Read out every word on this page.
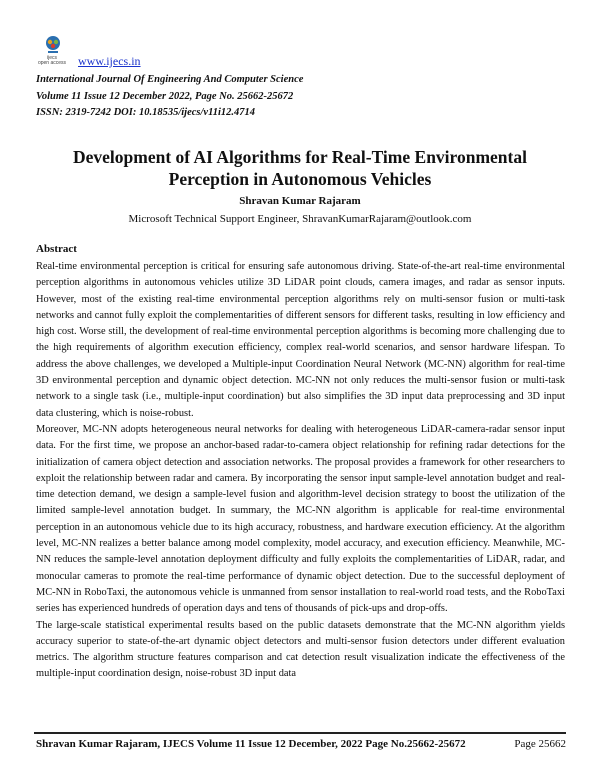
ijecs
open access www.ijecs.in
International Journal Of Engineering And Computer Science
Volume 11 Issue 12 December 2022, Page No. 25662-25672
ISSN: 2319-7242 DOI: 10.18535/ijecs/v11i12.4714
Development of AI Algorithms for Real-Time Environmental
Perception in Autonomous Vehicles
Shravan Kumar Rajaram
Microsoft Technical Support Engineer, ShravanKumarRajaram@outlook.com
Abstract

Real-time environmental perception is critical for ensuring safe autonomous driving. State-of-the-art real-time environmental perception algorithms in autonomous vehicles utilize 3D LiDAR point clouds, camera images, and radar as sensor inputs. However, most of the existing real-time environmental perception algorithms rely on multi-sensor fusion or multi-task networks and cannot fully exploit the complementarities of different sensors for different tasks, resulting in low efficiency and high cost. Worse still, the development of real-time environmental perception algorithms is becoming more challenging due to the high requirements of algorithm execution efficiency, complex real-world scenarios, and sensor hardware lifespan. To address the above challenges, we developed a Multiple-input Coordination Neural Network (MC-NN) algorithm for real-time 3D environmental perception and dynamic object detection. MC-NN not only reduces the multi-sensor fusion or multi-task network to a single task (i.e., multiple-input coordination) but also simplifies the 3D input data preprocessing and 3D input data clustering, which is noise-robust.

Moreover, MC-NN adopts heterogeneous neural networks for dealing with heterogeneous LiDAR-camera-radar sensor input data. For the first time, we propose an anchor-based radar-to-camera object relationship for refining radar detections for the initialization of camera object detection and association networks. The proposal provides a framework for other researchers to exploit the relationship between radar and camera. By incorporating the sensor input sample-level annotation budget and real-time detection demand, we design a sample-level fusion and algorithm-level decision strategy to boost the utilization of the limited sample-level annotation budget. In summary, the MC-NN algorithm is applicable for real-time environmental perception in an autonomous vehicle due to its high accuracy, robustness, and hardware execution efficiency. At the algorithm level, MC-NN realizes a better balance among model complexity, model accuracy, and execution efficiency. Meanwhile, MC-NN reduces the sample-level annotation deployment difficulty and fully exploits the complementarities of LiDAR, radar, and monocular cameras to promote the real-time performance of dynamic object detection. Due to the successful deployment of MC-NN in RoboTaxi, the autonomous vehicle is unmanned from sensor installation to real-world road tests, and the RoboTaxi series has experienced hundreds of operation days and tens of thousands of pick-ups and drop-offs.

The large-scale statistical experimental results based on the public datasets demonstrate that the MC-NN algorithm yields accuracy superior to state-of-the-art dynamic object detectors and multi-sensor fusion detectors under different evaluation metrics. The algorithm structure features comparison and cat detection result visualization indicate the effectiveness of the multiple-input coordination design, noise-robust 3D input data

Shravan Kumar Rajaram, IJECS Volume 11 Issue 12 December, 2022 Page No.25662-25672	Page 25662
